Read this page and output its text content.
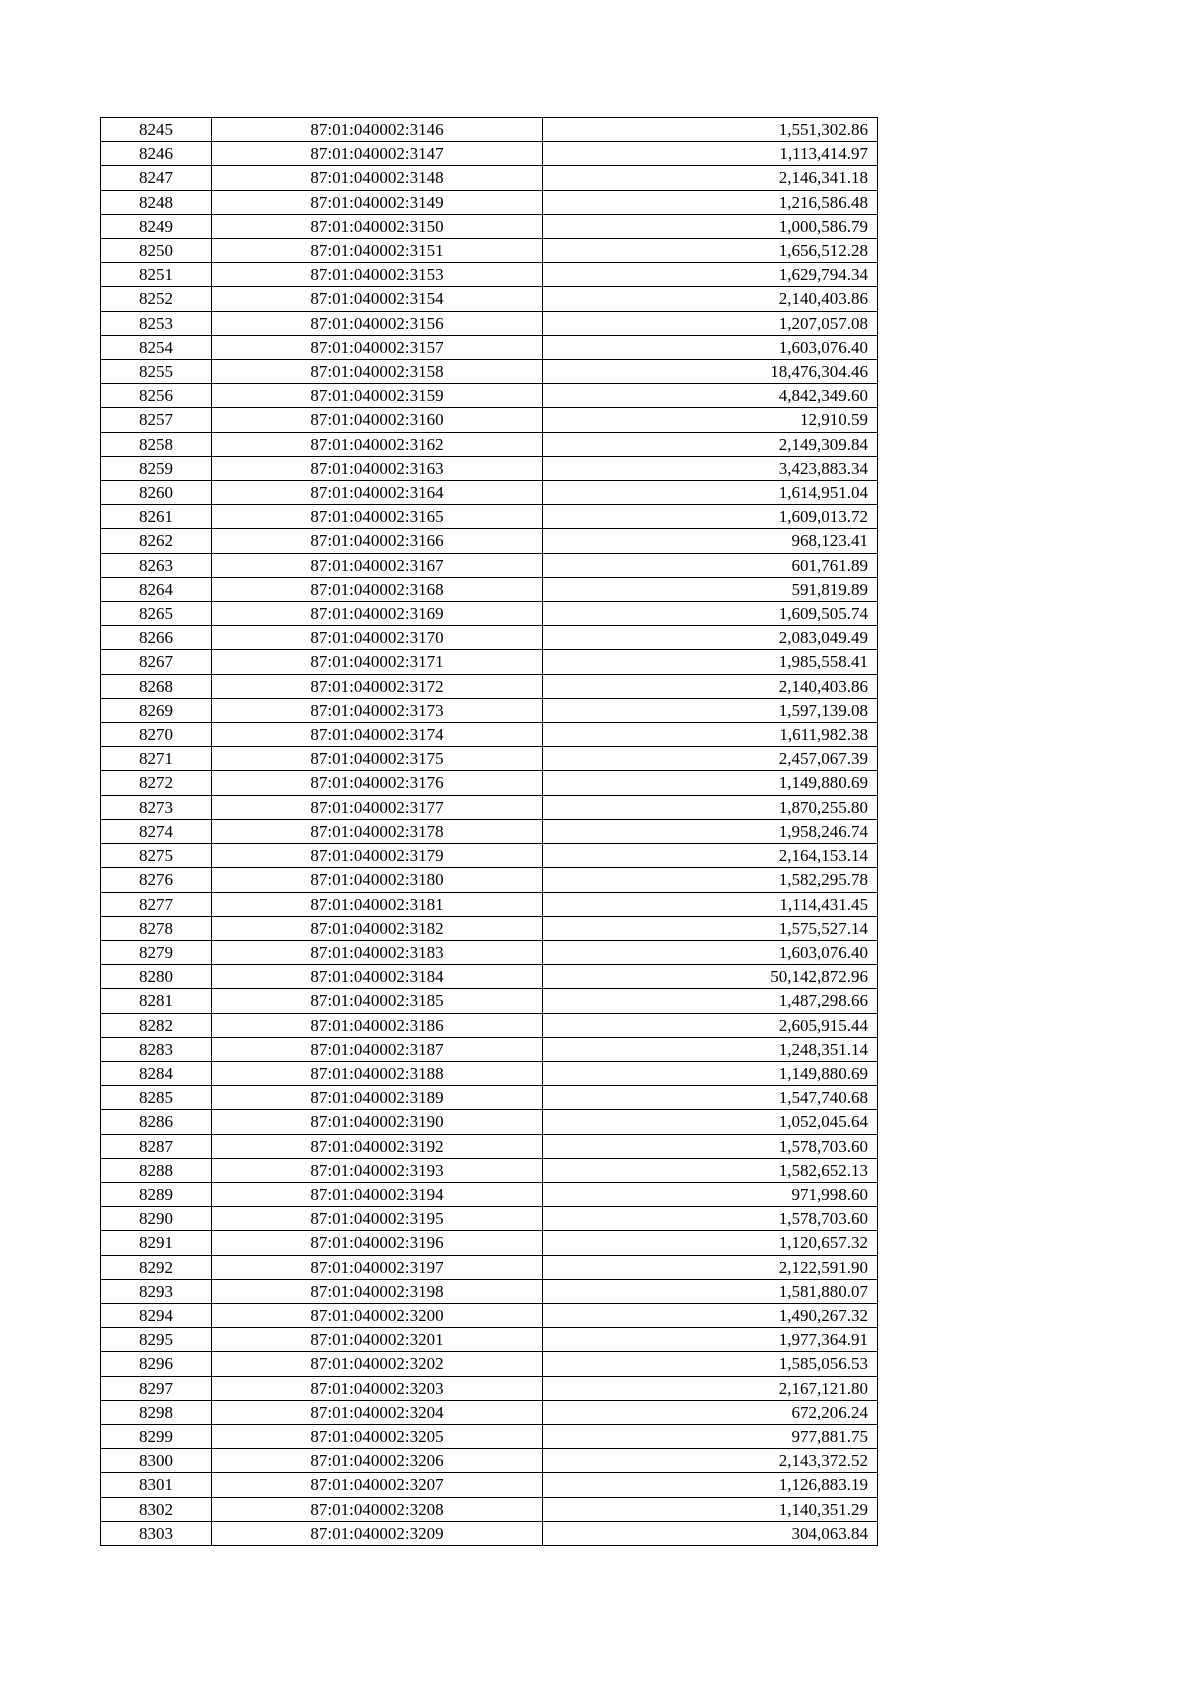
8245	87:01:040002:3146	1,551,302.86
8246	87:01:040002:3147	1,113,414.97
8247	87:01:040002:3148	2,146,341.18
8248	87:01:040002:3149	1,216,586.48
8249	87:01:040002:3150	1,000,586.79
8250	87:01:040002:3151	1,656,512.28
8251	87:01:040002:3153	1,629,794.34
8252	87:01:040002:3154	2,140,403.86
8253	87:01:040002:3156	1,207,057.08
8254	87:01:040002:3157	1,603,076.40
8255	87:01:040002:3158	18,476,304.46
8256	87:01:040002:3159	4,842,349.60
8257	87:01:040002:3160	12,910.59
8258	87:01:040002:3162	2,149,309.84
8259	87:01:040002:3163	3,423,883.34
8260	87:01:040002:3164	1,614,951.04
8261	87:01:040002:3165	1,609,013.72
8262	87:01:040002:3166	968,123.41
8263	87:01:040002:3167	601,761.89
8264	87:01:040002:3168	591,819.89
8265	87:01:040002:3169	1,609,505.74
8266	87:01:040002:3170	2,083,049.49
8267	87:01:040002:3171	1,985,558.41
8268	87:01:040002:3172	2,140,403.86
8269	87:01:040002:3173	1,597,139.08
8270	87:01:040002:3174	1,611,982.38
8271	87:01:040002:3175	2,457,067.39
8272	87:01:040002:3176	1,149,880.69
8273	87:01:040002:3177	1,870,255.80
8274	87:01:040002:3178	1,958,246.74
8275	87:01:040002:3179	2,164,153.14
8276	87:01:040002:3180	1,582,295.78
8277	87:01:040002:3181	1,114,431.45
8278	87:01:040002:3182	1,575,527.14
8279	87:01:040002:3183	1,603,076.40
8280	87:01:040002:3184	50,142,872.96
8281	87:01:040002:3185	1,487,298.66
8282	87:01:040002:3186	2,605,915.44
8283	87:01:040002:3187	1,248,351.14
8284	87:01:040002:3188	1,149,880.69
8285	87:01:040002:3189	1,547,740.68
8286	87:01:040002:3190	1,052,045.64
8287	87:01:040002:3192	1,578,703.60
8288	87:01:040002:3193	1,582,652.13
8289	87:01:040002:3194	971,998.60
8290	87:01:040002:3195	1,578,703.60
8291	87:01:040002:3196	1,120,657.32
8292	87:01:040002:3197	2,122,591.90
8293	87:01:040002:3198	1,581,880.07
8294	87:01:040002:3200	1,490,267.32
8295	87:01:040002:3201	1,977,364.91
8296	87:01:040002:3202	1,585,056.53
8297	87:01:040002:3203	2,167,121.80
8298	87:01:040002:3204	672,206.24
8299	87:01:040002:3205	977,881.75
8300	87:01:040002:3206	2,143,372.52
8301	87:01:040002:3207	1,126,883.19
8302	87:01:040002:3208	1,140,351.29
8303	87:01:040002:3209	304,063.84
